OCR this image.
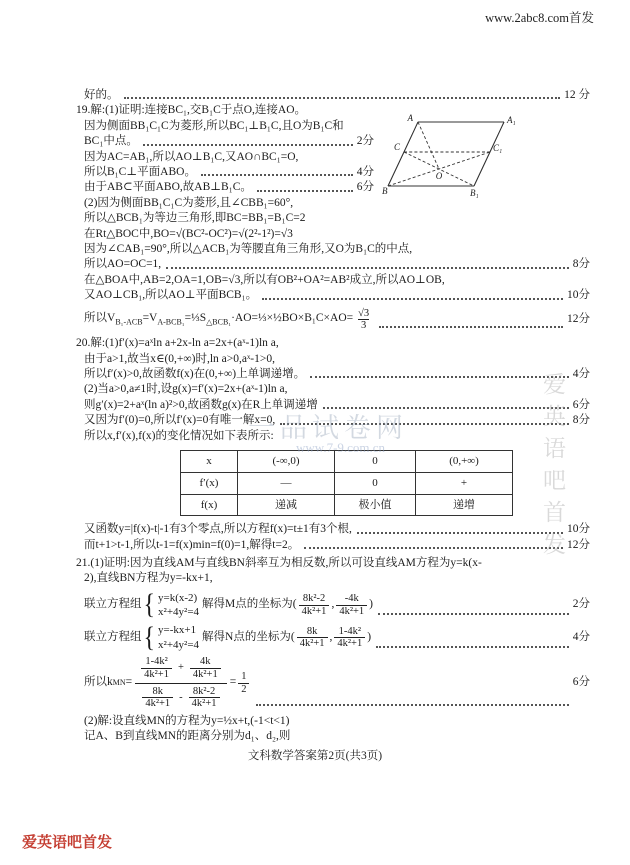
www.2abc8.com首发
A	A₁
B	B₁
C	C₁
O
好的。	12 分
19.解:(1)证明:连接BC₁,交B₁C于点O,连接AO。
因为侧面BB₁C₁C为菱形,所以BC₁⊥B₁C,且O为B₁C和
BC₁中点。	2分
因为AC=AB₁,所以AO⊥B₁C,又AO∩BC₁=O,
所以B₁C⊥平面ABO。	4分
由于AB⊂平面ABO,故AB⊥B₁C。	6分
(2)因为侧面BB₁C₁C为菱形,且∠CBB₁=60°,
所以△BCB₁为等边三角形,即BC=BB₁=B₁C=2
在Rt△BOC中,BO=√(BC²-OC²)=√(2²-1²)=√3
因为∠CAB₁=90°,所以△ACB₁为等腰直角三角形,又O为B₁C的中点,
所以AO=OC=1,	8分
在△BOA中,AB=2,OA=1,OB=√3,所以有OB²+OA²=AB²成立,所以AO⊥OB,
又AO⊥CB₁,所以AO⊥平面BCB₁。	10分
所以$V_{B_1-ACB}=V_{A-BCB_1}=\frac{1}{3}S_{\triangle BCB_1}\cdot AO=\frac{1}{3}\times\frac{1}{2}BO\times B_1C\times AO= \frac{√3}{3}$	12分
20.解:(1)f′(x)=aˣln a+2x-ln a=2x+(aˣ-1)ln a,
由于a>1,故当x∈(0,+∞)时,ln a>0,aˣ-1>0,
所以f′(x)>0,故函数f(x)在(0,+∞)上单调递增。	4分
(2)当a>0,a≠1时,设g(x)=f′(x)=2x+(aˣ-1)ln a,
则g′(x)=2+aˣ(ln a)²>0,故函数g(x)在R上单调递增	6分
又因为f′(0)=0,所以f′(x)=0有唯一解x=0,	8分
所以x,f′(x),f(x)的变化情况如下表所示:
x	(-∞,0)	0	(0,+∞)
f′(x)	—	0	+
f(x)	递减	极小值	递增
又函数y=|f(x)-t|-1有3个零点,所以方程f(x)=t±1有3个根,	10分
而t+1>t-1,所以t-1=f(x)min=f(0)=1,解得t=2。	12分
21.(1)证明:因为直线AM与直线BN斜率互为相反数,所以可设直线AM方程为y=k(x-
2),直线BN方程为y=-kx+1,
联立方程组 { y=k(x-2)
x²+4y²=4
解得M点的坐标为( $\frac{\text{8k²-2}}{\text{4k²+1}}$ , $\frac{-4k}{\text{4k²+1}}$ )	2分
联立方程组 { y=-kx+1
x²+4y²=4
解得N点的坐标为( $\frac{8k}{\text{4k²+1}}$ , $\frac{\text{1-4k²}}{\text{4k²+1}}$ )	4分
所以k MN = $\frac{\frac{\text{1-4k²}}{\text{4k²+1}} + \frac{4k}{\text{4k²+1}}}{\frac{8k}{\text{4k²+1}} - \frac{\text{8k²-2}}{\text{4k²+1}}} = \frac{1}{2}$	6分
(2)解:设直线MN的方程为y=½x+t,(-1<t<1)
记A、B到直线MN的距离分别为d₁、d₂,则
文科数学答案第2页(共3页)
一品试卷网
www.7-9.com.cn	爱英语吧首发
爱英语吧首发
